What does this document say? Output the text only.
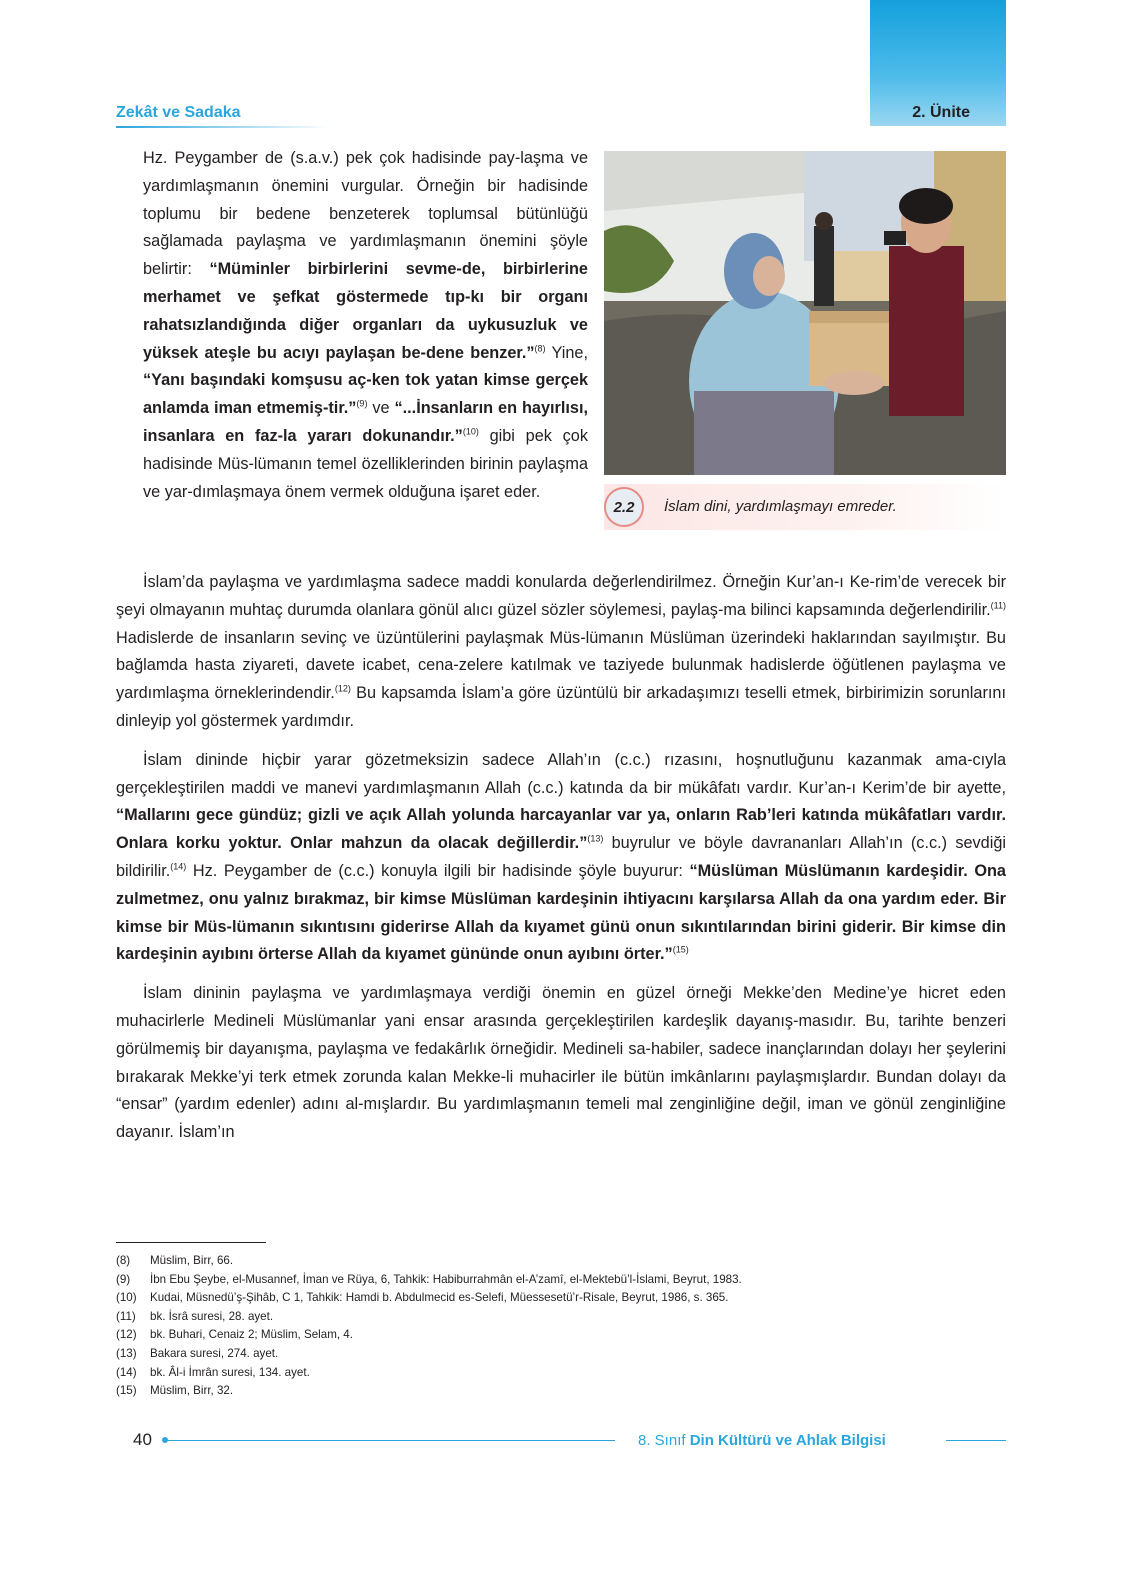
Zekât ve Sadaka	2. Ünite

Hz. Peygamber de (s.a.v.) pek çok hadisinde pay-laşma ve yardımlaşmanın önemini vurgular. Örneğin bir hadisinde toplumu bir bedene benzeterek toplumsal bütünlüğü sağlamada paylaşma ve yardımlaşmanın önemini şöyle belirtir: “Müminler birbirlerini sevme-de, birbirlerine merhamet ve şefkat göstermede tıp-kı bir organı rahatsızlandığında diğer organları da uykusuzluk ve yüksek ateşle bu acıyı paylaşan be-dene benzer.”$^{(8)}$ Yine, “Yanı başındaki komşusu aç-ken tok yatan kimse gerçek anlamda iman etmemiş-tir.”$^{(9)}$ ve “...İnsanların en hayırlısı, insanlara en faz-la yararı dokunandır.”$^{(10)}$ gibi pek çok hadisinde Müs-lümanın temel özelliklerinden birinin paylaşma ve yar-dımlaşmaya önem vermek olduğuna işaret eder.

2.2	İslam dini, yardımlaşmayı emreder.

İslam’da paylaşma ve yardımlaşma sadece maddi konularda değerlendirilmez. Örneğin Kur’an-ı Ke-rim’de verecek bir şeyi olmayanın muhtaç durumda olanlara gönül alıcı güzel sözler söylemesi, paylaş-ma bilinci kapsamında değerlendirilir.$^{(11)}$ Hadislerde de insanların sevinç ve üzüntülerini paylaşmak Müs-lümanın Müslüman üzerindeki haklarından sayılmıştır. Bu bağlamda hasta ziyareti, davete icabet, cena-zelere katılmak ve taziyede bulunmak hadislerde öğütlenen paylaşma ve yardımlaşma örneklerindendir.$^{(12)}$ Bu kapsamda İslam’a göre üzüntülü bir arkadaşımızı teselli etmek, birbirimizin sorunlarını dinleyip yol göstermek yardımdır.

İslam dininde hiçbir yarar gözetmeksizin sadece Allah’ın (c.c.) rızasını, hoşnutluğunu kazanmak ama-cıyla gerçekleştirilen maddi ve manevi yardımlaşmanın Allah (c.c.) katında da bir mükâfatı vardır. Kur’an-ı Kerim’de bir ayette, “Mallarını gece gündüz; gizli ve açık Allah yolunda harcayanlar var ya, onların Rab’leri katında mükâfatları vardır. Onlara korku yoktur. Onlar mahzun da olacak değillerdir.”$^{(13)}$ buyrulur ve böyle davrananları Allah’ın (c.c.) sevdiği bildirilir.$^{(14)}$ Hz. Peygamber de (c.c.) konuyla ilgili bir hadisinde şöyle buyurur: “Müslüman Müslümanın kardeşidir. Ona zulmetmez, onu yalnız bırakmaz, bir kimse Müslüman kardeşinin ihtiyacını karşılarsa Allah da ona yardım eder. Bir kimse bir Müs-lümanın sıkıntısını giderirse Allah da kıyamet günü onun sıkıntılarından birini giderir. Bir kimse din kardeşinin ayıbını örterse Allah da kıyamet gününde onun ayıbını örter.”$^{(15)}$

İslam dininin paylaşma ve yardımlaşmaya verdiği önemin en güzel örneği Mekke’den Medine’ye hicret eden muhacirlerle Medineli Müslümanlar yani ensar arasında gerçekleştirilen kardeşlik dayanış-masıdır. Bu, tarihte benzeri görülmemiş bir dayanışma, paylaşma ve fedakârlık örneğidir. Medineli sa-habiler, sadece inançlarından dolayı her şeylerini bırakarak Mekke’yi terk etmek zorunda kalan Mekke-li muhacirler ile bütün imkânlarını paylaşmışlardır. Bundan dolayı da “ensar” (yardım edenler) adını al-mışlardır. Bu yardımlaşmanın temeli mal zenginliğine değil, iman ve gönül zenginliğine dayanır. İslam’ın

(8) Müslim, Birr, 66.
(9) İbn Ebu Şeybe, el-Musannef, İman ve Rüya, 6, Tahkik: Habiburrahmân el-A’zamî, el-Mektebü’l-İslami, Beyrut, 1983.
(10) Kudai, Müsnedü’ş-Şihâb, C 1, Tahkik: Hamdi b. Abdulmecid es-Selefi, Müessesetü’r-Risale, Beyrut, 1986, s. 365.
(11) bk. İsrâ suresi, 28. ayet.
(12) bk. Buhari, Cenaiz 2; Müslim, Selam, 4.
(13) Bakara suresi, 274. ayet.
(14) bk. Âl-i İmrân suresi, 134. ayet.
(15) Müslim, Birr, 32.
40	8. Sınıf Din Kültürü ve Ahlak Bilgisi
